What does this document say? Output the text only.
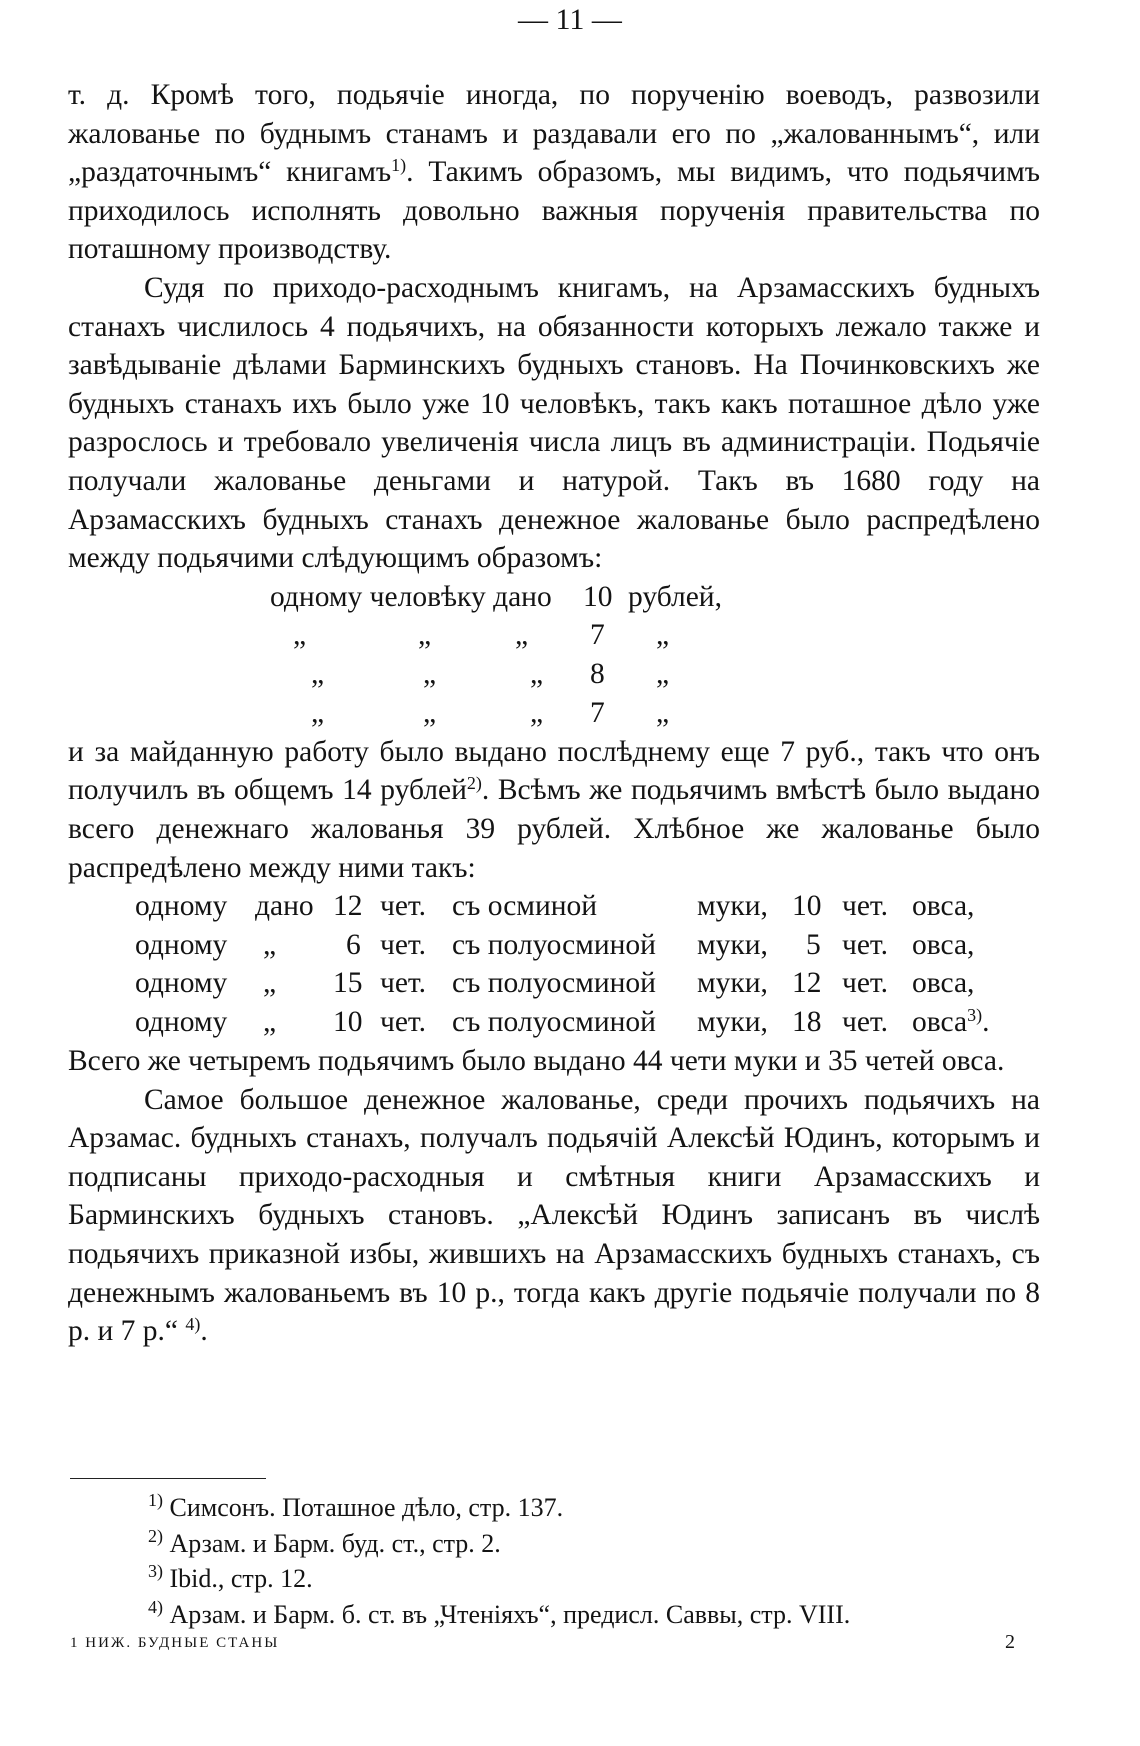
— 11 —

т. д. Кромѣ того, подьячіе иногда, по порученію воеводъ, развозили жалованье по буднымъ станамъ и раздавали его по „жалованнымъ“, или „раздаточнымъ“ книгамъ$^{1)}$. Такимъ образомъ, мы видимъ, что подьячимъ приходилось исполнять довольно важныя порученія правительства по поташному производству.

Судя по приходо-расходнымъ книгамъ, на Арзамасскихъ будныхъ станахъ числилось 4 подьячихъ, на обязанности которыхъ лежало также и завѣдываніе дѣлами Барминскихъ будныхъ становъ. На Починковскихъ же будныхъ станахъ ихъ было уже 10 человѣкъ, такъ какъ поташное дѣло уже разрослось и требовало увеличенія числа лицъ въ администраціи. Подьячіе получали жалованье деньгами и натурой. Такъ въ 1680 году на Арзамасскихъ будныхъ станахъ денежное жалованье было распредѣлено между подьячими слѣдующимъ образомъ:

одному человѣку дано 10 рублей,
„	„	„ 7 „
„	„	„ 8 „
„	„	„ 7 „

и за майданную работу было выдано послѣднему еще 7 руб., такъ что онъ получилъ въ общемъ 14 рублей$^{2)}$. Всѣмъ же подьячимъ вмѣстѣ было выдано всего денежнаго жалованья 39 рублей. Хлѣбное же жалованье было распредѣлено между ними такъ:

одному дано 12 чет. съ осминой	муки, 10 чет. овса,
одному „ 6 чет. съ полуосминой муки, 5 чет. овса,
одному „ 15 чет. съ полуосминой муки, 12 чет. овса,
одному „ 10 чет. съ полуосминой муки, 18 чет. овса$^{3)}$.

Всего же четыремъ подьячимъ было выдано 44 чети муки и 35 четей овса.

Самое большое денежное жалованье, среди прочихъ подьячихъ на Арзамас. будныхъ станахъ, получалъ подьячій Алексѣй Юдинъ, которымъ и подписаны приходо-расходныя и смѣтныя книги Арзамасскихъ и Барминскихъ будныхъ становъ. „Алексѣй Юдинъ записанъ въ числѣ подьячихъ приказной избы, жившихъ на Арзамасскихъ будныхъ станахъ, съ денежнымъ жалованьемъ въ 10 р., тогда какъ другіе подьячіе получали по 8 р. и 7 р.“ $^{4)}$.

$^{1)}$ Симсонъ. Поташное дѣло, стр. 137.
$^{2)}$ Арзам. и Барм. буд. ст., стр. 2.
$^{3)}$ Ibid., стр. 12.
$^{4)}$ Арзам. и Барм. б. ст. въ „Чтеніяхъ“, предисл. Саввы, стр. VIII.
1 НИЖ. БУДНЫЕ СТАНЫ	2
